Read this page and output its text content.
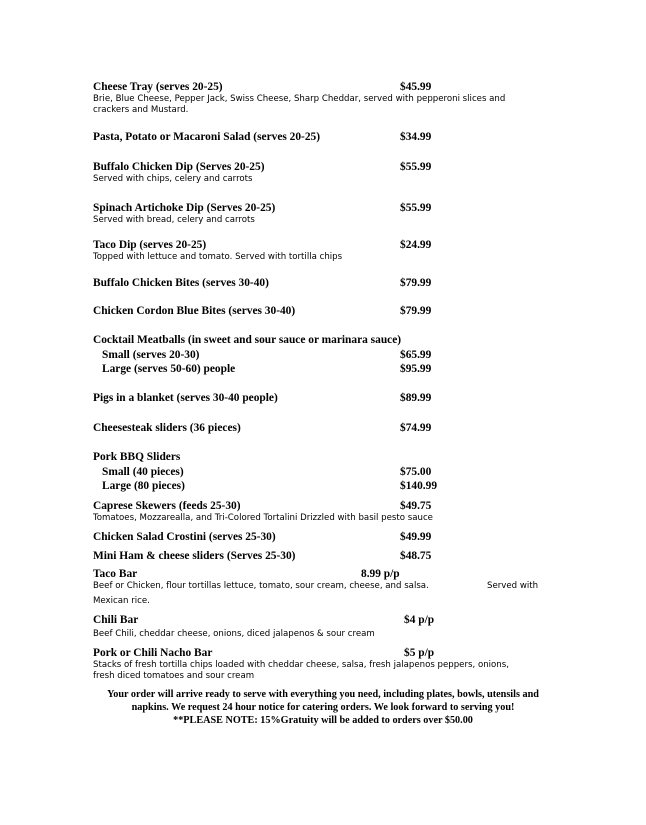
Cheese Tray (serves 20-25)	$45.99
Brie, Blue Cheese, Pepper Jack, Swiss Cheese, Sharp Cheddar, served with pepperoni slices and
crackers and Mustard.
Pasta, Potato or Macaroni Salad (serves 20-25)	$34.99
Buffalo Chicken Dip (Serves 20-25)	$55.99
Served with chips, celery and carrots
Spinach Artichoke Dip (Serves 20-25)	$55.99
Served with bread, celery and carrots
Taco Dip (serves 20-25)	$24.99
Topped with lettuce and tomato. Served with tortilla chips
Buffalo Chicken Bites (serves 30-40)	$79.99
Chicken Cordon Blue Bites (serves 30-40)	$79.99
Cocktail Meatballs (in sweet and sour sauce or marinara sauce)
Small (serves 20-30)	$65.99
Large (serves 50-60) people	$95.99
Pigs in a blanket (serves 30-40 people)	$89.99
Cheesesteak sliders (36 pieces)	$74.99
Pork BBQ Sliders
Small (40 pieces)	$75.00
Large (80 pieces)	$140.99
Caprese Skewers (feeds 25-30)	$49.75
Tomatoes, Mozzarealla, and Tri-Colored Tortalini Drizzled with basil pesto sauce
Chicken Salad Crostini (serves 25-30)	$49.99
Mini Ham & cheese sliders (Serves 25-30)	$48.75
Taco Bar	8.99 p/p
Beef or Chicken, flour tortillas lettuce, tomato, sour cream, cheese, and salsa.	Served with
Mexican rice.
Chili Bar	$4 p/p
Beef Chili, cheddar cheese, onions, diced jalapenos & sour cream
Pork or Chili Nacho Bar	$5 p/p
Stacks of fresh tortilla chips loaded with cheddar cheese, salsa, fresh jalapenos peppers, onions,
fresh diced tomatoes and sour cream
Your order will arrive ready to serve with everything you need, including plates, bowls, utensils and
napkins. We request 24 hour notice for catering orders. We look forward to serving you!
**PLEASE NOTE: 15%Gratuity will be added to orders over $50.00
